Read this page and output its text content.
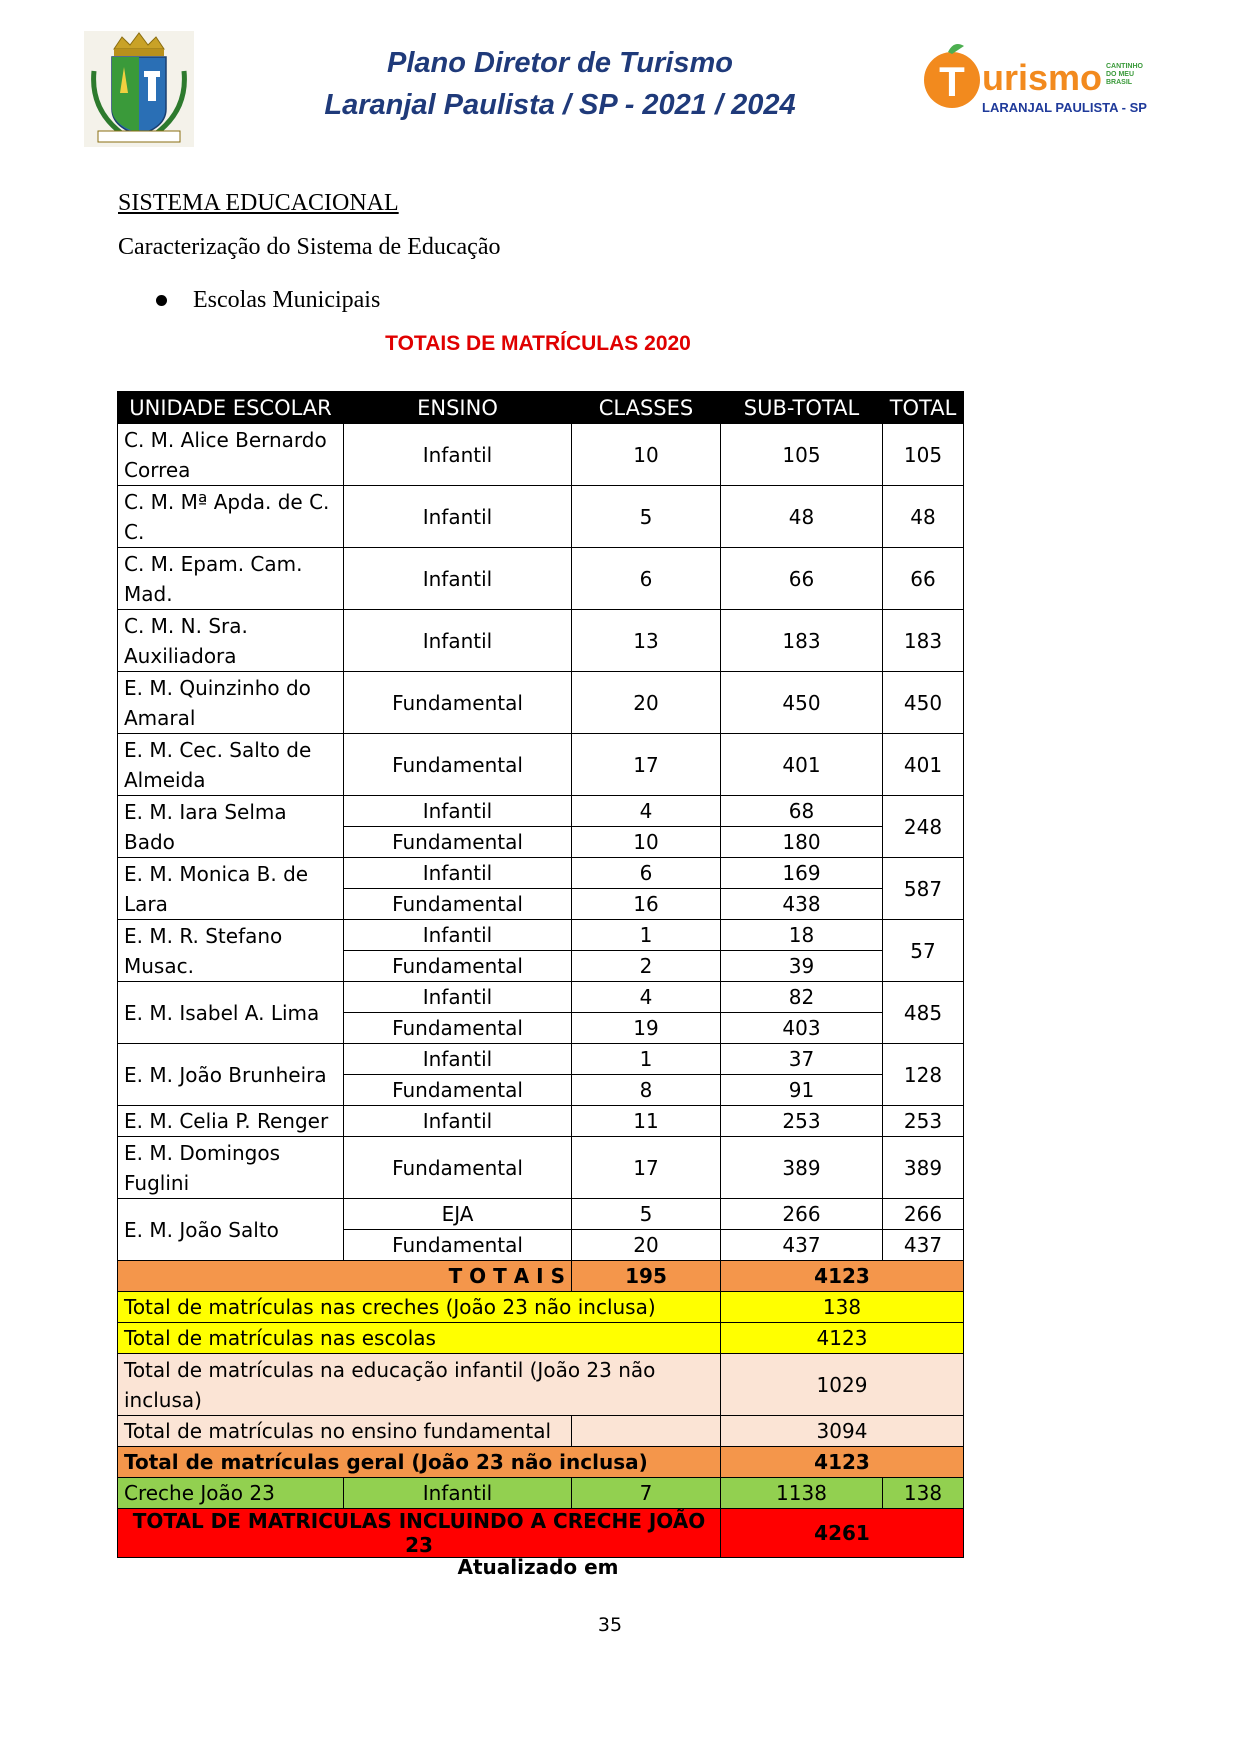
Plano Diretor de Turismo
Laranjal Paulista / SP - 2021 / 2024	T urismo CANTINHO
DO MEU
BRASIL
LARANJAL PAULISTA - SP
SISTEMA EDUCACIONAL
Caracterização do Sistema de Educação
Escolas Municipais
TOTAIS DE MATRÍCULAS 2020
UNIDADE ESCOLAR	ENSINO	CLASSES	SUB-TOTAL	TOTAL
C. M. Alice Bernardo Correa	Infantil	10	105	105
C. M. Mª Apda. de C. C.	Infantil	5	48	48
C. M. Epam. Cam. Mad.	Infantil	6	66	66
C. M. N. Sra. Auxiliadora	Infantil	13	183	183
E. M. Quinzinho do Amaral	Fundamental	20	450	450
E. M. Cec. Salto de Almeida	Fundamental	17	401	401
E. M. Iara Selma Bado	Infantil	4	68	248
	Fundamental	10	180	
E. M. Monica B. de Lara	Infantil	6	169	587
	Fundamental	16	438	
E. M. R. Stefano Musac.	Infantil	1	18	57
	Fundamental	2	39	
E. M. Isabel A. Lima	Infantil	4	82	485
	Fundamental	19	403	
E. M. João Brunheira	Infantil	1	37	128
	Fundamental	8	91	
E. M. Celia P. Renger	Infantil	11	253	253
E. M. Domingos Fuglini	Fundamental	17	389	389
E. M. João Salto	EJA	5	266	266
	Fundamental	20	437	437
T O T A I S		195	4123	
Total de matrículas nas creches (João 23 não inclusa)			138	
Total de matrículas nas escolas			4123	
Total de matrículas na educação infantil (João 23 não inclusa)			1029	
Total de matrículas no ensino fundamental			3094	
Total de matrículas geral (João 23 não inclusa)			4123	
Creche João 23	Infantil	7	1138	138
TOTAL DE MATRICULAS INCLUINDO A CRECHE JOÃO 23			4261	
Atualizado em
35
